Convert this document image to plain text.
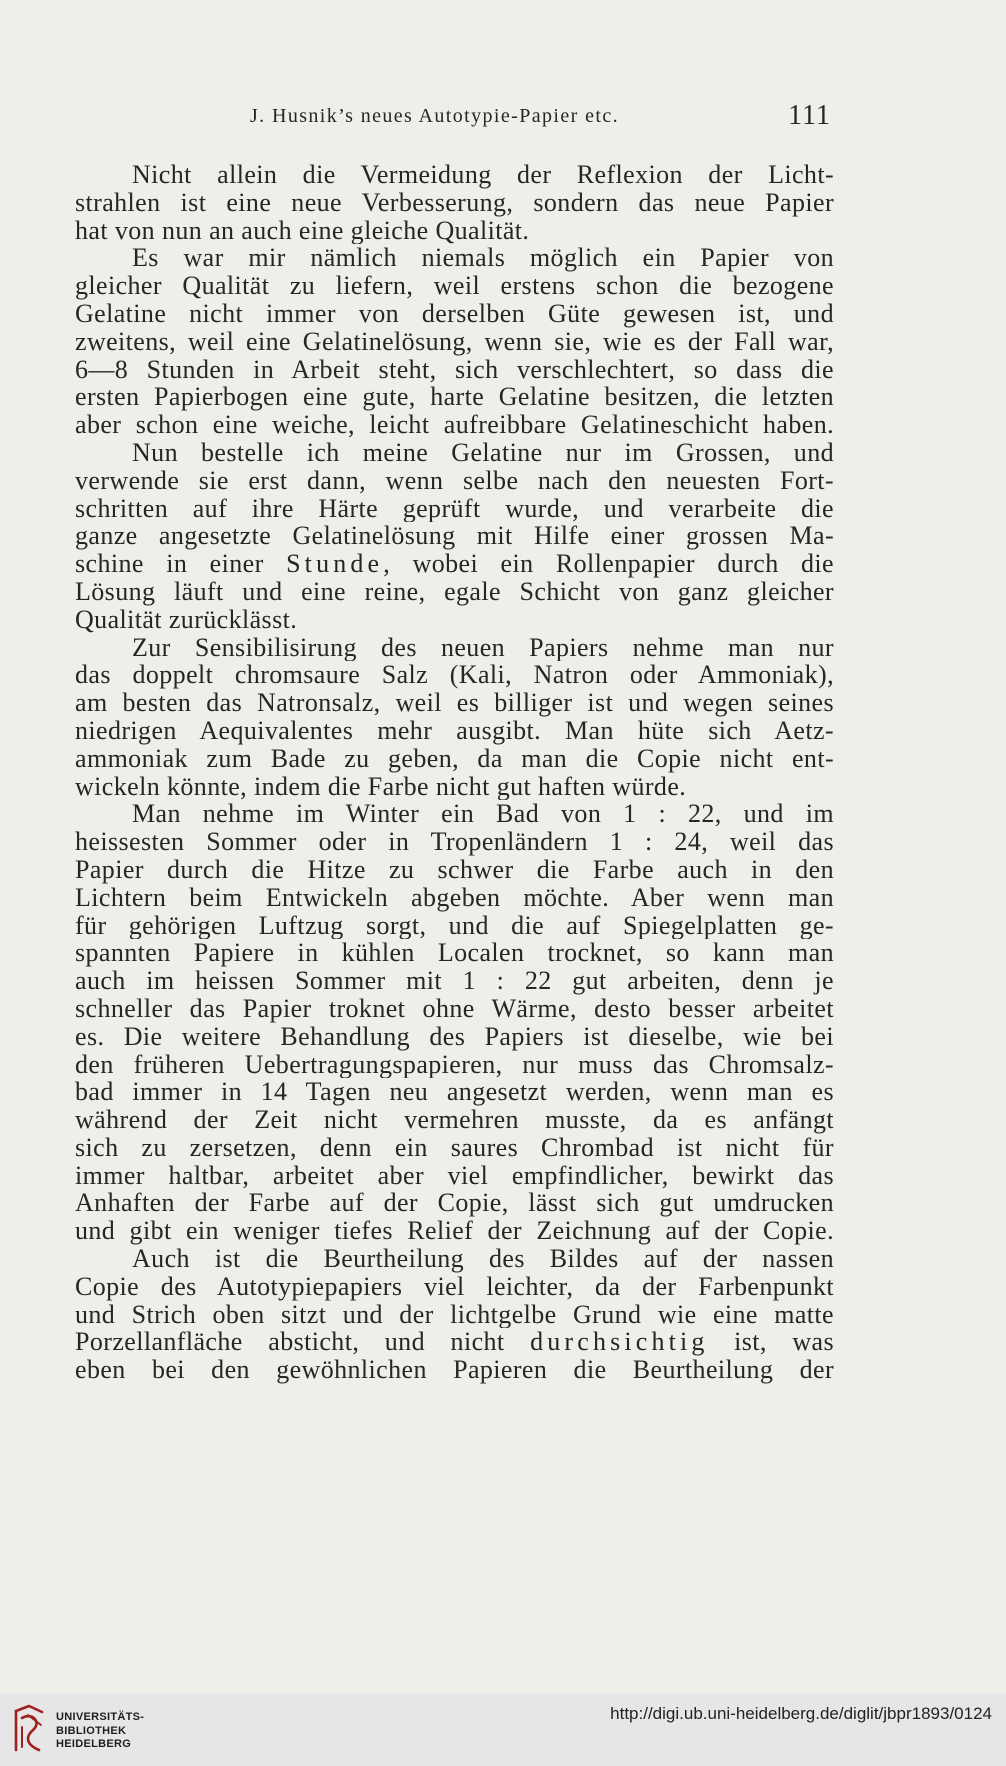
J. Husnik’s neues Autotypie-Papier etc.	111
Nicht allein die Vermeidung der Reflexion der Licht-
strahlen ist eine neue Verbesserung, sondern das neue Papier
hat von nun an auch eine gleiche Qualität.
Es war mir nämlich niemals möglich ein Papier von
gleicher Qualität zu liefern, weil erstens schon die bezogene
Gelatine nicht immer von derselben Güte gewesen ist, und
zweitens, weil eine Gelatinelösung, wenn sie, wie es der Fall war,
6—8 Stunden in Arbeit steht, sich verschlechtert, so dass die
ersten Papierbogen eine gute, harte Gelatine besitzen, die letzten
aber schon eine weiche, leicht aufreibbare Gelatineschicht haben.
Nun bestelle ich meine Gelatine nur im Grossen, und
verwende sie erst dann, wenn selbe nach den neuesten Fort-
schritten auf ihre Härte geprüft wurde, und verarbeite die
ganze angesetzte Gelatinelösung mit Hilfe einer grossen Ma-
schine in einer Stunde, wobei ein Rollenpapier durch die
Lösung läuft und eine reine, egale Schicht von ganz gleicher
Qualität zurücklässt.
Zur Sensibilisirung des neuen Papiers nehme man nur
das doppelt chromsaure Salz (Kali, Natron oder Ammoniak),
am besten das Natronsalz, weil es billiger ist und wegen seines
niedrigen Aequivalentes mehr ausgibt. Man hüte sich Aetz-
ammoniak zum Bade zu geben, da man die Copie nicht ent-
wickeln könnte, indem die Farbe nicht gut haften würde.
Man nehme im Winter ein Bad von 1 : 22, und im
heissesten Sommer oder in Tropenländern 1 : 24, weil das
Papier durch die Hitze zu schwer die Farbe auch in den
Lichtern beim Entwickeln abgeben möchte. Aber wenn man
für gehörigen Luftzug sorgt, und die auf Spiegelplatten ge-
spannten Papiere in kühlen Localen trocknet, so kann man
auch im heissen Sommer mit 1 : 22 gut arbeiten, denn je
schneller das Papier troknet ohne Wärme, desto besser arbeitet
es. Die weitere Behandlung des Papiers ist dieselbe, wie bei
den früheren Uebertragungspapieren, nur muss das Chromsalz-
bad immer in 14 Tagen neu angesetzt werden, wenn man es
während der Zeit nicht vermehren musste, da es anfängt
sich zu zersetzen, denn ein saures Chrombad ist nicht für
immer haltbar, arbeitet aber viel empfindlicher, bewirkt das
Anhaften der Farbe auf der Copie, lässt sich gut umdrucken
und gibt ein weniger tiefes Relief der Zeichnung auf der Copie.
Auch ist die Beurtheilung des Bildes auf der nassen
Copie des Autotypiepapiers viel leichter, da der Farbenpunkt
und Strich oben sitzt und der lichtgelbe Grund wie eine matte
Porzellanfläche absticht, und nicht durchsichtig ist, was
eben bei den gewöhnlichen Papieren die Beurtheilung der
UNIVERSITÄTS-
BIBLIOTHEK
HEIDELBERG
http://digi.ub.uni-heidelberg.de/diglit/jbpr1893/0124
